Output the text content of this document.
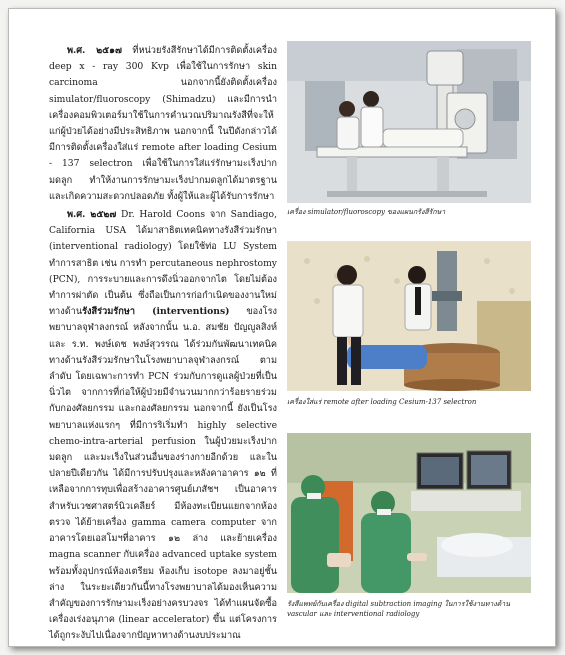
พ.ศ. ๒๕๑๗ ที่หน่วยรังสีรักษาได้มีการติดตั้งเครื่อง deep x - ray 300 Kvp เพื่อใช้ในการรักษา skin carcinoma นอกจากนี้ยังติดตั้งเครื่อง simulator/fluoroscopy (Shimadzu) และมีการนำเครื่องคอมพิวเตอร์มาใช้ในการคำนวณปริมาณรังสีที่จะให้แก่ผู้ป่วยได้อย่างมีประสิทธิภาพ นอกจากนี้ ในปีดังกล่าวได้มีการติดตั้งเครื่องใส่แร่ remote after loading Cesium - 137 selectron เพื่อใช้ในการใส่แร่รักษามะเร็งปากมดลูก ทำให้งานการรักษามะเร็งปากมดลูกได้มาตรฐานและเกิดความสะดวกปลอดภัย ทั้งผู้ให้และผู้ได้รับการรักษา

พ.ศ. ๒๕๒๗ Dr. Harold Coons จาก Sandiago, California USA ได้มาสาธิตเทคนิคทางรังสีร่วมรักษา (interventional radiology) โดยใช้ท่อ LU System ทำการสาธิต เช่น การทำ percutaneous nephrostomy (PCN), การระบายและการดึงนิ่วออกจากไต โดยไม่ต้องทำการผ่าตัด เป็นต้น ซึ่งถือเป็นการก่อกำเนิดของงานใหม่ทางด้านรังสีร่วมรักษา (interventions) ของโรงพยาบาลจุฬาลงกรณ์ หลังจากนั้น น.อ. สมชัย ปัญญูลสิงห์ และ ร.ท. พงษ์เดช พงษ์สุวรรณ ได้ร่วมกันพัฒนาเทคนิคทางด้านรังสีร่วมรักษาในโรงพยาบาลจุฬาลงกรณ์ ตามลำดับ โดยเฉพาะการทำ PCN ร่วมกับการดูแลผู้ป่วยที่เป็นนิ่วไต จากการที่ก่อให้ผู้ป่วยมีจำนวนมากกว่าร้อยรายร่วมกับกองศัลยกรรม และกองศัลยกรรม นอกจากนี้ ยังเป็นโรงพยาบาลแห่งแรกๆ ที่มีการริเริ่มทำ highly selective chemo-intra-arterial perfusion ในผู้ป่วยมะเร็งปากมดลูก และมะเร็งในส่วนอื่นของร่างกายอีกด้วย และในปลายปีเดียวกัน ได้มีการปรับปรุงและหลังคาอาคาร ๑๒ ที่เหลือจากการทุบเพื่อสร้างอาคารศูนย์เภสัชฯ เป็นอาคารสำหรับเวชศาสตร์นิวเคลียร์ มีห้องทะเบียนแยกจากห้องตรวจ ได้ย้ายเครื่อง gamma camera computer จากอาคารโดยเอสโมฯที่อาคาร ๑๒ ล่าง และย้ายเครื่อง magna scanner กับเครื่อง advanced uptake system พร้อมทั้งอุปกรณ์ห้องเตรียม ห้องเก็บ isotope ลงมาอยู่ชั้นล่าง ในระยะเดียวกันนี้ทางโรงพยาบาลได้มองเห็นความสำคัญของการรักษามะเร็งอย่างครบวงจร ได้ทำแผนจัดซื้อเครื่องเร่งอนุภาค (linear accelerator) ขึ้น แต่โครงการได้ถูกระงับไปเนื่องจากปัญหาทางด้านงบประมาณ

เครื่อง simulator/fluoroscopy ของแผนกรังสีรักษา
เครื่องใส่แร่ remote after loading Cesium-137 selectron
รังสีแพทย์กับเครื่อง digital subtraction imaging ในการใช้งานทางด้าน vascular และ interventional radiology
